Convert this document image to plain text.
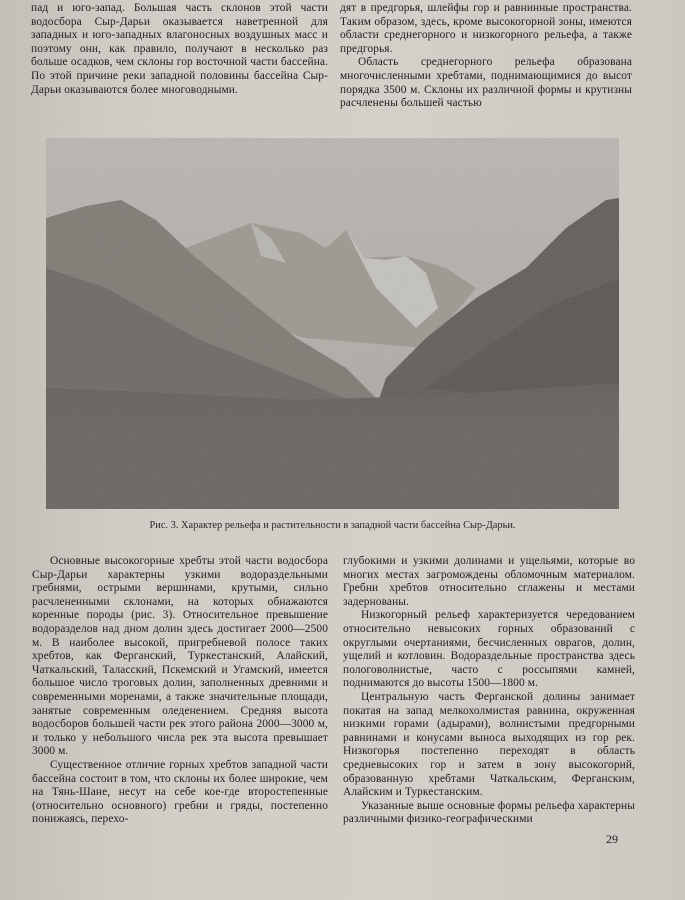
пад и юго-запад. Большая часть склонов этой части водосбора Сыр-Дарьи оказывается наветренной для западных и юго-западных влагоносных воздушных масс и поэтому они, как правило, получают в несколько раз больше осадков, чем склоны гор восточной части бассейна. По этой причине реки западной половины бассейна Сыр-Дарьи оказываются более многоводными.

дят в предгорья, шлейфы гор и равнинные пространства. Таким образом, здесь, кроме высокогорной зоны, имеются области среднегорного и низкогорного рельефа, а также предгорья.

Область среднегорного рельефа образована многочисленными хребтами, поднимающимися до высот порядка 3500 м. Склоны их различной формы и крутизны расчленены большей частью

Рис. 3. Характер рельефа и растительности в западной части бассейна Сыр-Дарьи.

Основные высокогорные хребты этой части водосбора Сыр-Дарьи характерны узкими водораздельными гребнями, острыми вершинами, крутыми, сильно расчлененными склонами, на которых обнажаются коренные породы (рис. 3). Относительное превышение водоразделов над дном долин здесь достигает 2000—2500 м. В наиболее высокой, пригребневой полосе таких хребтов, как Ферганский, Туркестанский, Алайский, Чаткальский, Таласский, Пскемский и Угамский, имеется большое число троговых долин, заполненных древними и современными моренами, а также значительные площади, занятые современным оледенением. Средняя высота водосборов большей части рек этого района 2000—3000 м, и только у небольшого числа рек эта высота превышает 3000 м.

Существенное отличие горных хребтов западной части бассейна состоит в том, что склоны их более широкие, чем на Тянь-Шане, несут на себе кое-где второстепенные (относительно основного) гребни и гряды, постепенно понижаясь, перехо-

глубокими и узкими долинами и ущельями, которые во многих местах загромождены обломочным материалом. Гребни хребтов относительно сглажены и местами задернованы.

Низкогорный рельеф характеризуется чередованием относительно невысоких горных образований с округлыми очертаниями, бесчисленных оврагов, долин, ущелий и котловин. Водораздельные пространства здесь пологоволнистые, часто с россыпями камней, поднимаются до высоты 1500—1800 м.

Центральную часть Ферганской долины занимает покатая на запад мелкохолмистая равнина, окруженная низкими горами (адырами), волнистыми предгорными равнинами и конусами выноса выходящих из гор рек. Низкогорья постепенно переходят в область средневысоких гор и затем в зону высокогорий, образованную хребтами Чаткальским, Ферганским, Алайским и Туркестанским.

Указанные выше основные формы рельефа характерны различными физико-географическими

29
